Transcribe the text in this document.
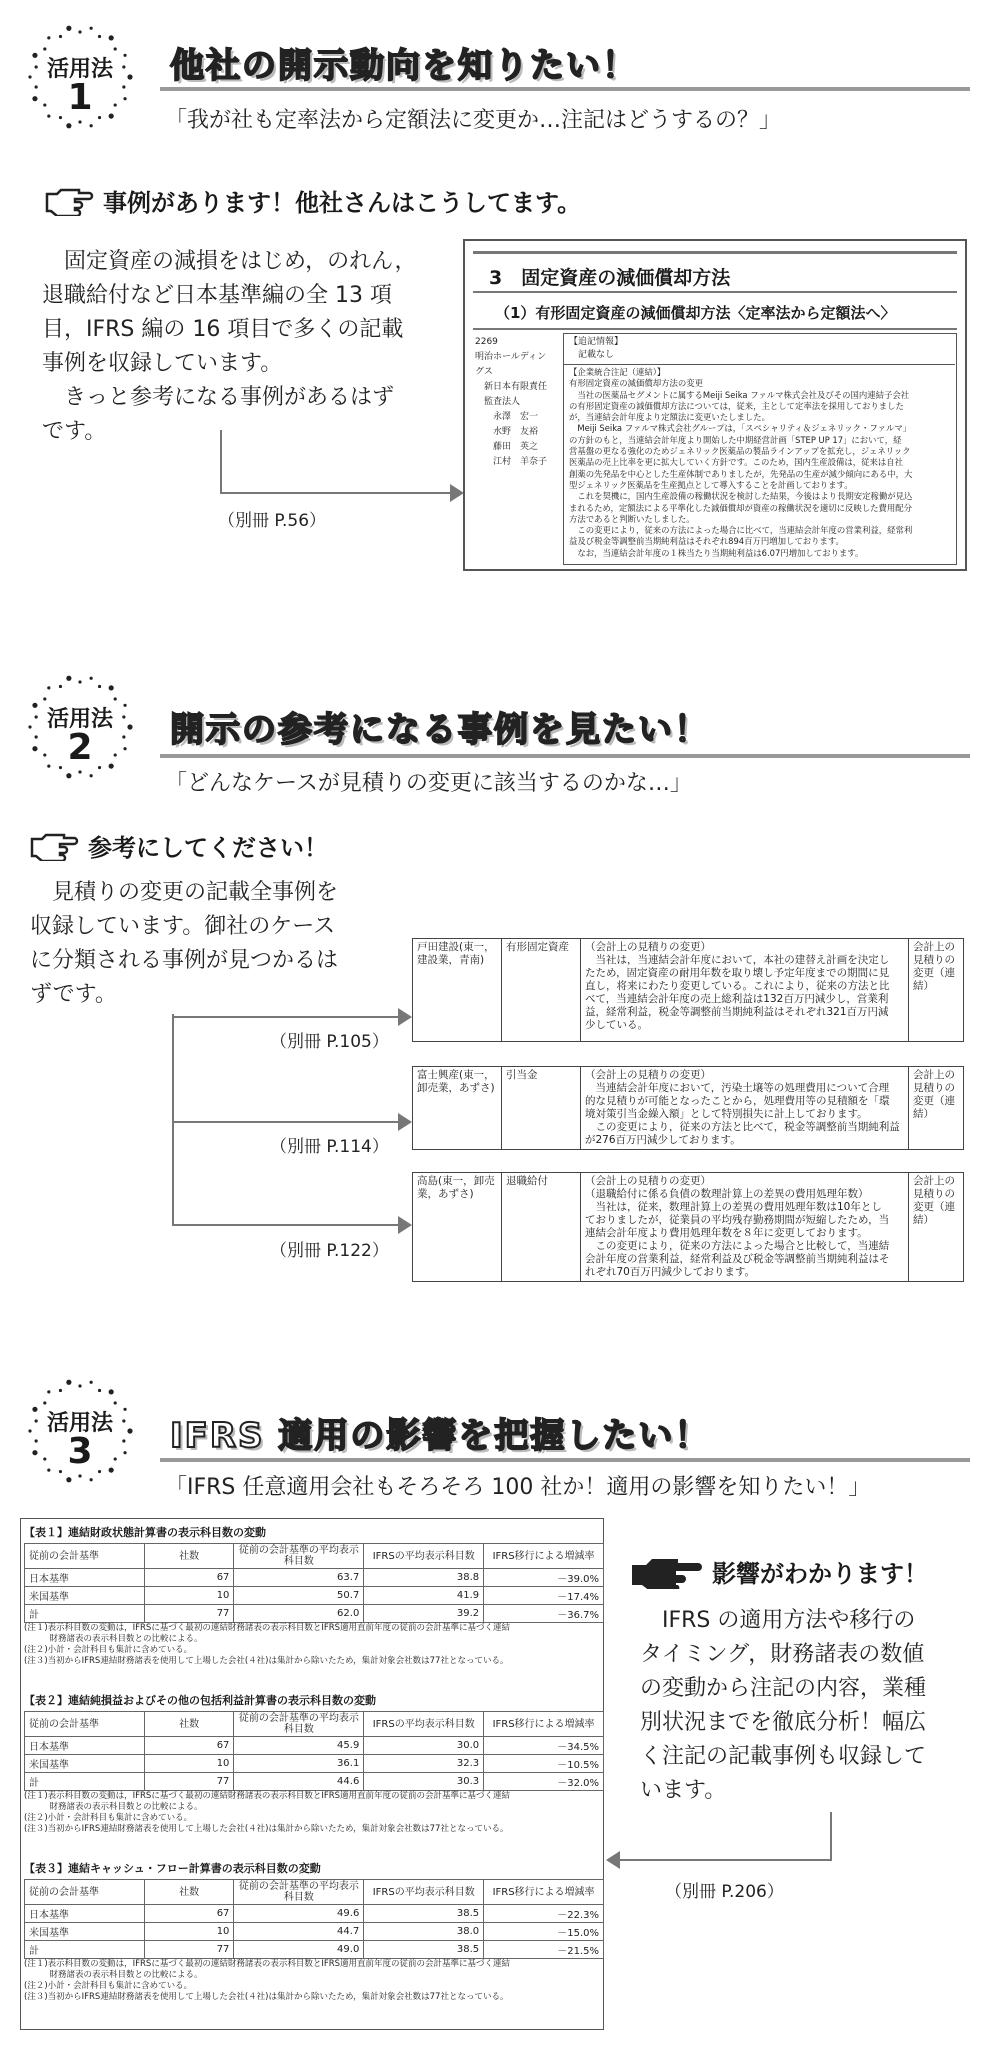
活用法
1
他社の開示動向を知りたい！
「我が社も定率法から定額法に変更か…注記はどうするの？」
事例があります！他社さんはこうしてます。
　固定資産の減損をはじめ，のれん，
退職給付など日本基準編の全 13 項
目，IFRS 編の 16 項目で多くの記載
事例を収録しています。
　きっと参考になる事例があるはず
です。
（別冊 P.56）
3　固定資産の減価償却方法
（1）有形固定資産の減価償却方法〈定率法から定額法へ〉
2269
明治ホールディン
グス
　新日本有限責任
　監査法人
　　永澤　宏一
　　水野　友裕
　　藤田　英之
　　江村　羊奈子
【追記情報】
　記載なし
【企業統合注記（連結）】
有形固定資産の減価償却方法の変更
　当社の医薬品セグメントに属するMeiji Seika ファルマ株式会社及びその国内連結子会社
の有形固定資産の減価償却方法については，従来，主として定率法を採用しておりました
が，当連結会計年度より定額法に変更いたしました。
　Meiji Seika ファルマ株式会社グループは，「スペシャリティ＆ジェネリック・ファルマ」
の方針のもと，当連結会計年度より開始した中期経営計画「STEP UP 17」において，経
営基盤の更なる強化のためジェネリック医薬品の製品ラインアップを拡充し，ジェネリック
医薬品の売上比率を更に拡大していく方針です。このため，国内生産設備は，従来は自社
創薬の先発品を中心とした生産体制でありましたが，先発品の生産が減少傾向にある中，大
型ジェネリック医薬品を生産拠点として導入することを計画しております。
　これを契機に，国内生産設備の稼働状況を検討した結果，今後はより長期安定稼働が見込
まれるため，定額法による平準化した減価償却が資産の稼働状況を適切に反映した費用配分
方法であると判断いたしました。
　この変更により，従来の方法によった場合に比べて，当連結会計年度の営業利益，経常利
益及び税金等調整前当期純利益はそれぞれ894百万円増加しております。
　なお，当連結会計年度の１株当たり当期純利益は6.07円増加しております。
活用法
2	開示の参考になる事例を見たい！
「どんなケースが見積りの変更に該当するのかな…」
参考にしてください！
　見積りの変更の記載全事例を
収録しています。御社のケース
に分類される事例が見つかるは
ずです。
（別冊 P.105）
（別冊 P.114）
（別冊 P.122）
戸田建設(東一，建設業，青南)	有形固定資産	（会計上の見積りの変更）
　当社は，当連結会計年度において，本社の建替え計画を決定し
たため，固定資産の耐用年数を取り壊し予定年度までの期間に見
直し，将来にわたり変更している。これにより，従来の方法と比
べて，当連結会計年度の売上総利益は132百万円減少し，営業利
益，経常利益，税金等調整前当期純利益はそれぞれ321百万円減
少している。
	会計上の見積りの変更（連結）
富士興産(東一，卸売業，あずさ)	引当金	（会計上の見積りの変更）
　当連結会計年度において，汚染土壌等の処理費用について合理
的な見積りが可能となったことから，処理費用等の見積額を「環
境対策引当金繰入額」として特別損失に計上しております。
　この変更により，従来の方法と比べて，税金等調整前当期純利益
が276百万円減少しております。
	会計上の見積りの変更（連結）
高島(東一，卸売業，あずさ)	退職給付	（会計上の見積りの変更）
（退職給付に係る負債の数理計算上の差異の費用処理年数）
　当社は，従来，数理計算上の差異の費用処理年数は10年とし
ておりましたが，従業員の平均残存勤務期間が短縮したため，当
連結会計年度より費用処理年数を８年に変更しております。
　この変更により，従来の方法によった場合と比較して，当連結
会計年度の営業利益，経常利益及び税金等調整前当期純利益はそ
れぞれ70百万円減少しております。
	会計上の見積りの変更（連結）
活用法
3	IFRS 適用の影響を把握したい！
「IFRS 任意適用会社もそろそろ 100 社か！適用の影響を知りたい！」
【表１】連結財政状態計算書の表示科目数の変動
従前の会計基準	社数	従前の会計基準の平均表示科目数	IFRSの平均表示科目数	IFRS移行による増減率
日本基準	67	63.7	38.8	－39.0%
米国基準	10	50.7	41.9	－17.4%
計	77	62.0	39.2	－36.7%
(注１)表示科目数の変動は，IFRSに基づく最初の連結財務諸表の表示科目数とIFRS適用直前年度の従前の会計基準に基づく連結
　　　財務諸表の表示科目数との比較による。
(注２)小計・会計科目も集計に含めている。
(注３)当初からIFRS連結財務諸表を使用して上場した会社(４社)は集計から除いたため，集計対象会社数は77社となっている。
【表２】連結純損益およびその他の包括利益計算書の表示科目数の変動
従前の会計基準	社数	従前の会計基準の平均表示科目数	IFRSの平均表示科目数	IFRS移行による増減率
日本基準	67	45.9	30.0	－34.5%
米国基準	10	36.1	32.3	－10.5%
計	77	44.6	30.3	－32.0%
(注１)表示科目数の変動は，IFRSに基づく最初の連結財務諸表の表示科目数とIFRS適用直前年度の従前の会計基準に基づく連結
　　　財務諸表の表示科目数との比較による。
(注２)小計・会計科目も集計に含めている。
(注３)当初からIFRS連結財務諸表を使用して上場した会社(４社)は集計から除いたため，集計対象会社数は77社となっている。
【表３】連結キャッシュ・フロー計算書の表示科目数の変動
従前の会計基準	社数	従前の会計基準の平均表示科目数	IFRSの平均表示科目数	IFRS移行による増減率
日本基準	67	49.6	38.5	－22.3%
米国基準	10	44.7	38.0	－15.0%
計	77	49.0	38.5	－21.5%
(注１)表示科目数の変動は，IFRSに基づく最初の連結財務諸表の表示科目数とIFRS適用直前年度の従前の会計基準に基づく連結
　　　財務諸表の表示科目数との比較による。
(注２)小計・会計科目も集計に含めている。
(注３)当初からIFRS連結財務諸表を使用して上場した会社(４社)は集計から除いたため，集計対象会社数は77社となっている。
影響がわかります！
　IFRS の適用方法や移行の
タイミング，財務諸表の数値
の変動から注記の内容，業種
別状況までを徹底分析！幅広
く注記の記載事例も収録して
います。
（別冊 P.206）
